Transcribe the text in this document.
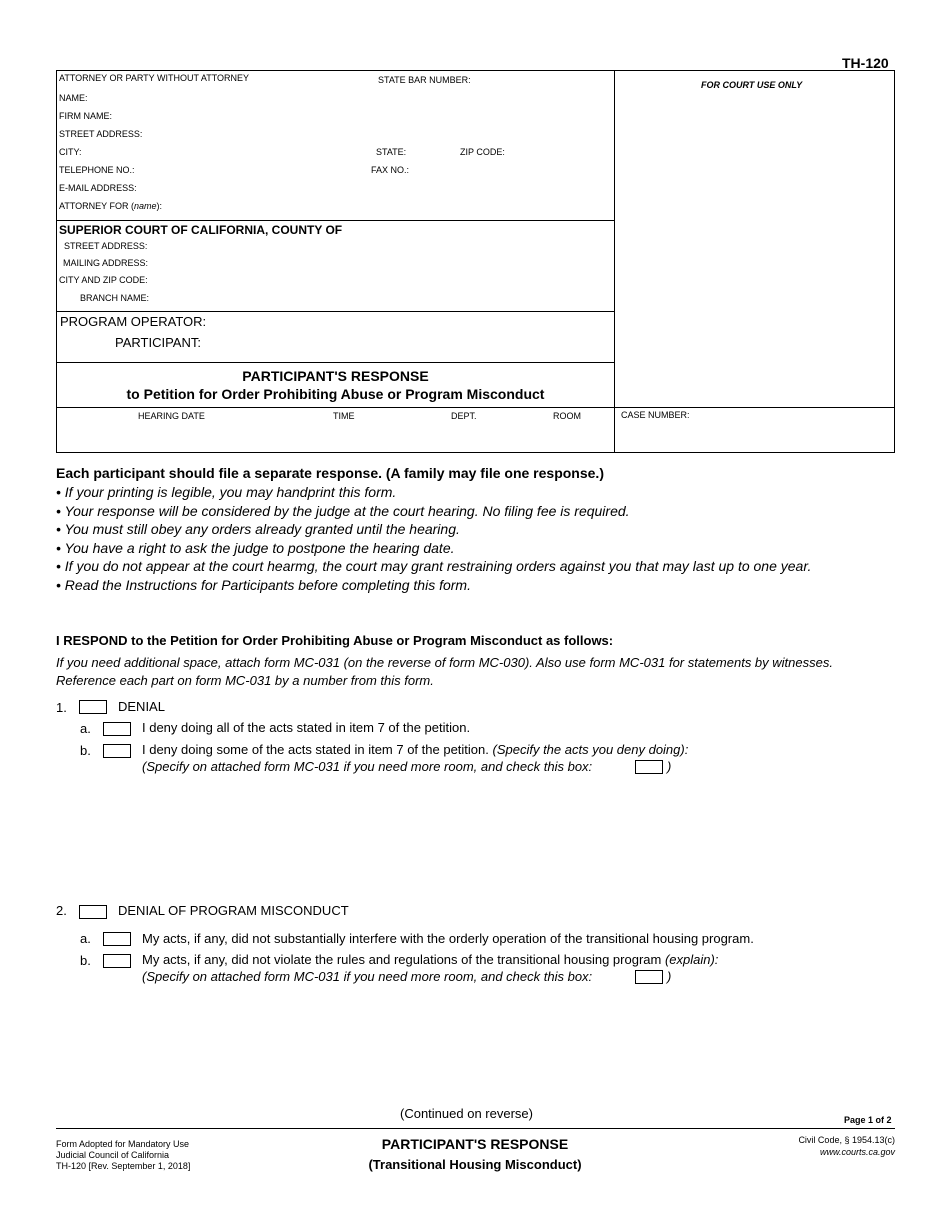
TH-120
ATTORNEY OR PARTY WITHOUT ATTORNEY	STATE BAR NUMBER:	FOR COURT USE ONLY
NAME:
FIRM NAME:
STREET ADDRESS:
CITY:	STATE:	ZIP CODE:
TELEPHONE NO.:	FAX NO.:
E-MAIL ADDRESS:
ATTORNEY FOR (name):
SUPERIOR COURT OF CALIFORNIA, COUNTY OF
STREET ADDRESS:
MAILING ADDRESS:
CITY AND ZIP CODE:
BRANCH NAME:
PROGRAM OPERATOR:
PARTICIPANT:
PARTICIPANT'S RESPONSE
to Petition for Order Prohibiting Abuse or Program Misconduct
HEARING DATE	TIME	DEPT.	ROOM	CASE NUMBER:
Each participant should file a separate response. (A family may file one response.)
• If your printing is legible, you may handprint this form.
• Your response will be considered by the judge at the court hearing. No filing fee is required.
• You must still obey any orders already granted until the hearing.
• You have a right to ask the judge to postpone the hearing date.
• If you do not appear at the court hearmg, the court may grant restraining orders against you that may last up to one year.
• Read the Instructions for Participants before completing this form.
I RESPOND to the Petition for Order Prohibiting Abuse or Program Misconduct as follows:
If you need additional space, attach form MC-031 (on the reverse of form MC-030). Also use form MC-031 for statements by witnesses.
Reference each part on form MC-031 by a number from this form.
1.	DENIAL
a.	I deny doing all of the acts stated in item 7 of the petition.
b.	I deny doing some of the acts stated in item 7 of the petition. (Specify the acts you deny doing):
(Specify on attached form MC-031 if you need more room, and check this box:	)
2.	DENIAL OF PROGRAM MISCONDUCT
a.	My acts, if any, did not substantially interfere with the orderly operation of the transitional housing program.
b.	My acts, if any, did not violate the rules and regulations of the transitional housing program (explain):
(Specify on attached form MC-031 if you need more room, and check this box:	)
(Continued on reverse)	Page 1 of 2
Form Adopted for Mandatory Use
Judicial Council of California
TH-120 [Rev. September 1, 2018]
PARTICIPANT'S RESPONSE
(Transitional Housing Misconduct)
Civil Code, § 1954.13(c)
www.courts.ca.gov
